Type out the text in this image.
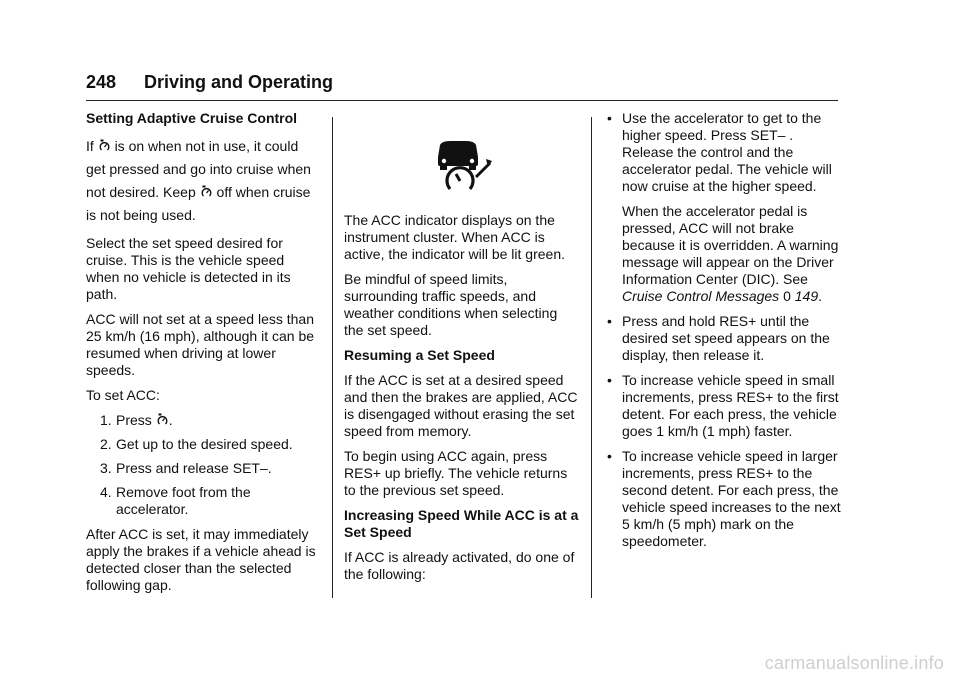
248 Driving and Operating
Setting Adaptive Cruise Control

If is on when not in use, it could get pressed and go into cruise when not desired. Keep off when cruise is not being used.

Select the set speed desired for cruise. This is the vehicle speed when no vehicle is detected in its path.

ACC will not set at a speed less than 25 km/h (16 mph), although it can be resumed when driving at lower speeds.

To set ACC:

1. Press .
2. Get up to the desired speed.
3. Press and release SET–.
4. Remove foot from the accelerator.

After ACC is set, it may immediately apply the brakes if a vehicle ahead is detected closer than the selected following gap.

The ACC indicator displays on the instrument cluster. When ACC is active, the indicator will be lit green.

Be mindful of speed limits, surrounding traffic speeds, and weather conditions when selecting the set speed.

Resuming a Set Speed

If the ACC is set at a desired speed and then the brakes are applied, ACC is disengaged without erasing the set speed from memory.

To begin using ACC again, press RES+ up briefly. The vehicle returns to the previous set speed.

Increasing Speed While ACC is at a Set Speed

If ACC is already activated, do one of the following:

• Use the accelerator to get to the higher speed. Press SET– . Release the control and the accelerator pedal. The vehicle will now cruise at the higher speed.
When the accelerator pedal is pressed, ACC will not brake because it is overridden. A warning message will appear on the Driver Information Center (DIC). See Cruise Control Messages 0 149.
• Press and hold RES+ until the desired set speed appears on the display, then release it.
• To increase vehicle speed in small increments, press RES+ to the first detent. For each press, the vehicle goes 1 km/h (1 mph) faster.
• To increase vehicle speed in larger increments, press RES+ to the second detent. For each press, the vehicle speed increases to the next 5 km/h (5 mph) mark on the speedometer.
carmanualsonline.info
